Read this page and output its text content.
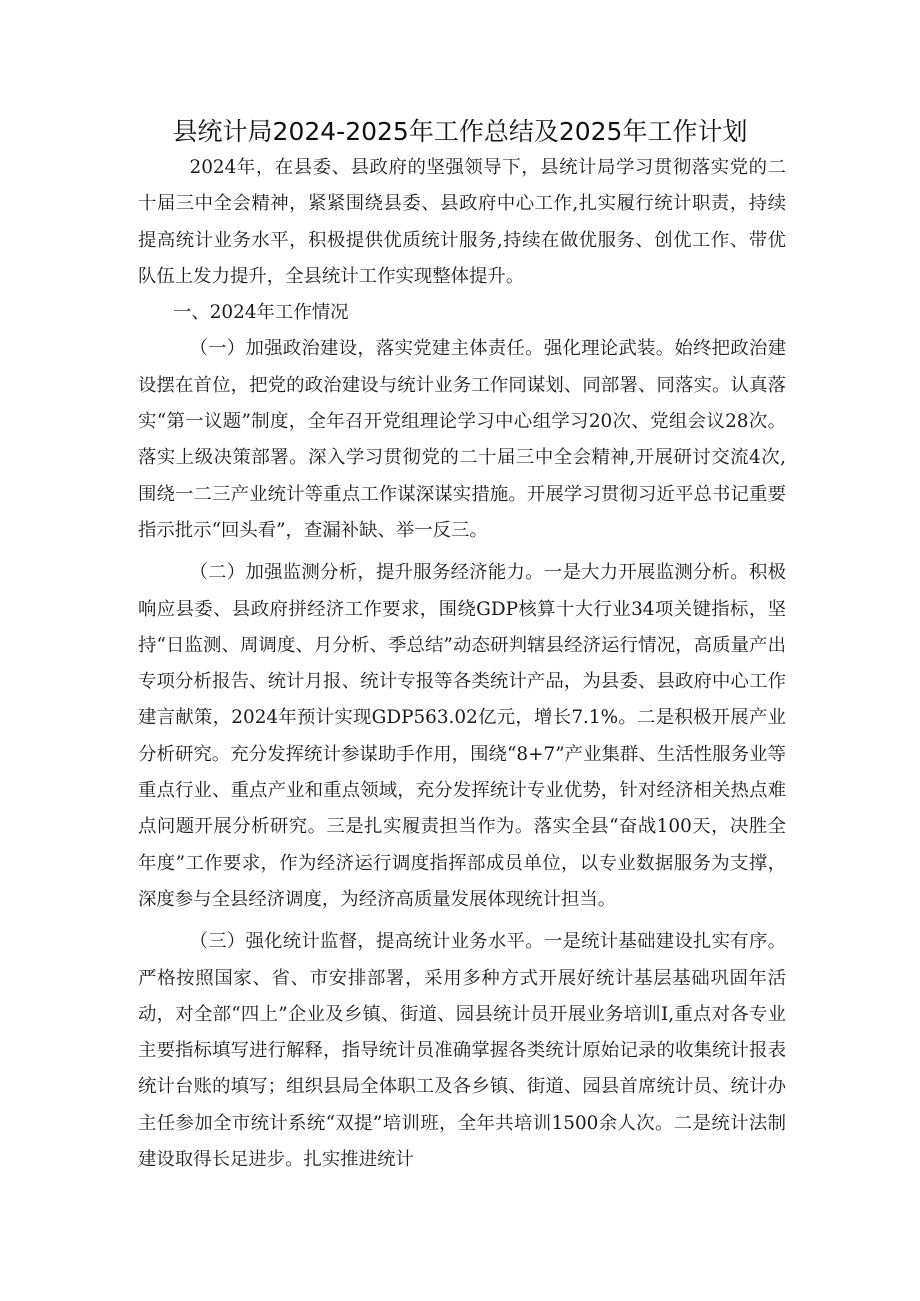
县统计局2024-2025年工作总结及2025年工作计划

2024年，在县委、县政府的坚强领导下，县统计局学习贯彻落实党的二十届三中全会精神，紧紧围绕县委、县政府中心工作,扎实履行统计职责，持续提高统计业务水平，积极提供优质统计服务,持续在做优服务、创优工作、带优队伍上发力提升，全县统计工作实现整体提升。

一、2024年工作情况

（一）加强政治建设，落实党建主体责任。强化理论武装。始终把政治建设摆在首位，把党的政治建设与统计业务工作同谋划、同部署、同落实。认真落实“第一议题”制度，全年召开党组理论学习中心组学习20次、党组会议28次。落实上级决策部署。深入学习贯彻党的二十届三中全会精神,开展研讨交流4次,围绕一二三产业统计等重点工作谋深谋实措施。开展学习贯彻习近平总书记重要指示批示“回头看”，查漏补缺、举一反三。

（二）加强监测分析，提升服务经济能力。一是大力开展监测分析。积极响应县委、县政府拼经济工作要求，围绕GDP核算十大行业34项关键指标，坚持“日监测、周调度、月分析、季总结”动态研判辖县经济运行情况，高质量产出专项分析报告、统计月报、统计专报等各类统计产品，为县委、县政府中心工作建言献策，2024年预计实现GDP563.02亿元，增长7.1%。二是积极开展产业分析研究。充分发挥统计参谋助手作用，围绕“8+7”产业集群、生活性服务业等重点行业、重点产业和重点领域，充分发挥统计专业优势，针对经济相关热点难点问题开展分析研究。三是扎实履责担当作为。落实全县“奋战100天，决胜全年度”工作要求，作为经济运行调度指挥部成员单位，以专业数据服务为支撑，深度参与全县经济调度，为经济高质量发展体现统计担当。

（三）强化统计监督，提高统计业务水平。一是统计基础建设扎实有序。严格按照国家、省、市安排部署，采用多种方式开展好统计基层基础巩固年活动，对全部“四上”企业及乡镇、街道、园县统计员开展业务培训I,重点对各专业主要指标填写进行解释，指导统计员准确掌握各类统计原始记录的收集统计报表统计台账的填写；组织县局全体职工及各乡镇、街道、园县首席统计员、统计办主任参加全市统计系统“双提”培训班，全年共培训1500余人次。二是统计法制建设取得长足进步。扎实推进统计
